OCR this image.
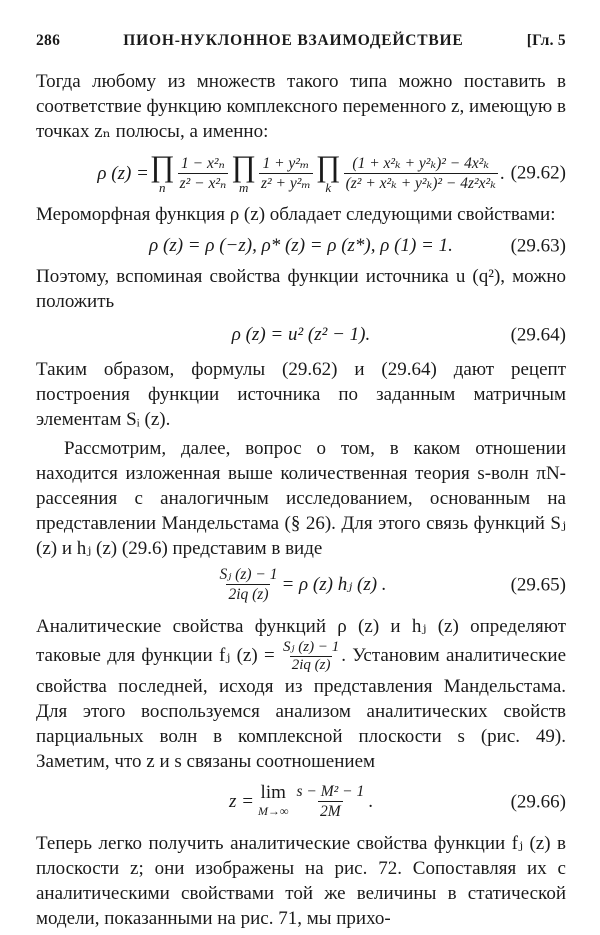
286	ПИОН-НУКЛОННОЕ ВЗАИМОДЕЙСТВИЕ	[Гл. 5

Тогда любому из множеств такого типа можно поставить в соответствие функцию комплексного переменного z, имеющую в точках zₙ полюсы, а именно:

ρ (z) = ∏
n $\frac{\text{1 − x²ₙ}}{\text{z² − x²ₙ}}$ ∏
m $\frac{\text{1 + y²ₘ}}{\text{z² + y²ₘ}}$ ∏
k $\frac{\text{(1 + x²ₖ + y²ₖ)² − 4x²ₖ}}{\text{(z² + x²ₖ + y²ₖ)² − 4z²x²ₖ}}$ . (29.62)

Мероморфная функция ρ (z) обладает следующими свойствами:

ρ (z) = ρ (−z), ρ* (z) = ρ (z*), ρ (1) = 1.	(29.63)

Поэтому, вспоминая свойства функции источника u (q²), можно положить

ρ (z) = u² (z² − 1).	(29.64)

Таким образом, формулы (29.62) и (29.64) дают рецепт построения функции источника по заданным матричным элементам Sᵢ (z).

Рассмотрим, далее, вопрос о том, в каком отношении находится изложенная выше количественная теория s-волн πN-рассеяния с аналогичным исследованием, основанным на представлении Мандельстама (§ 26). Для этого связь функций Sⱼ (z) и hⱼ (z) (29.6) представим в виде

$\frac{\text{Sⱼ (z) − 1}}{2iq (z)} = \rho$ (z) hⱼ (z) .	(29.65)

Аналитические свойства функций ρ (z) и hⱼ (z) определяют таковые для функции fⱼ $(z) = \frac{\text{Sⱼ (z) − 1}}{2iq (z)}$ . Установим аналитические свойства последней, исходя из представления Мандельстама. Для этого воспользуемся анализом аналитических свойств парциальных волн в комплексной плоскости s (рис. 49). Заметим, что z и s связаны соотношением

z = lim
$M\to\infty \frac{\text{s − M² − 1}}{2M}$ .	(29.66)

Теперь легко получить аналитические свойства функции fⱼ (z) в плоскости z; они изображены на рис. 72. Сопоставляя их с аналитическими свойствами той же величины в статической модели, показанными на рис. 71, мы прихо-
